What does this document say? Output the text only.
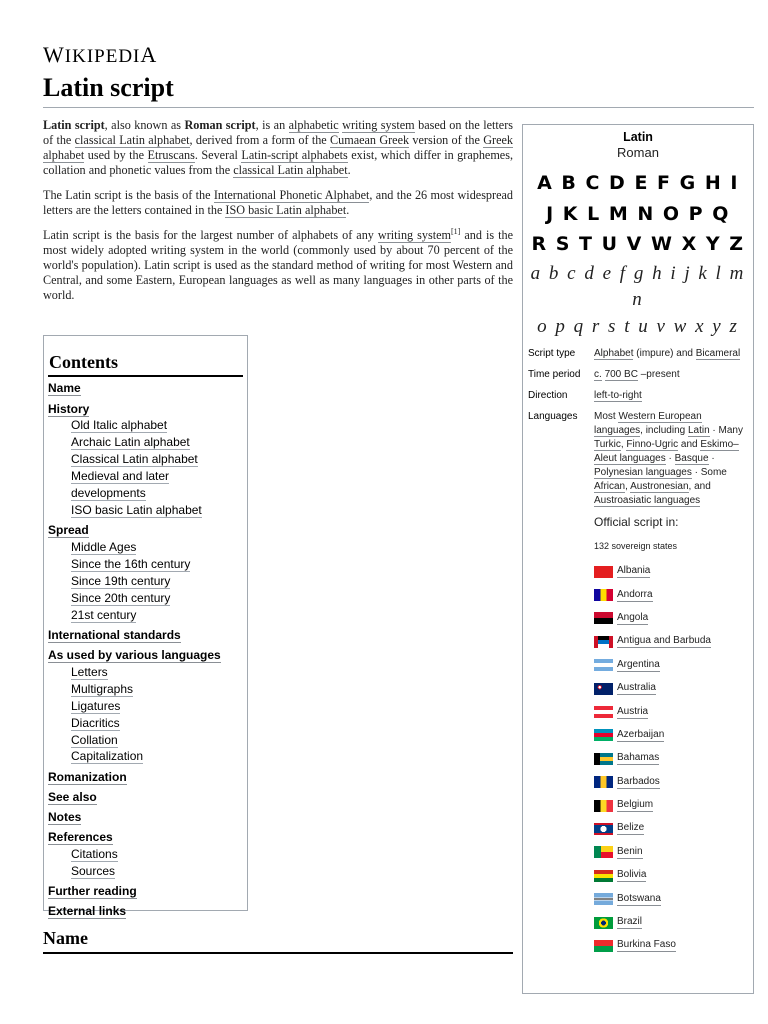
WIKIPEDIA
Latin script

Latin script, also known as Roman script, is an alphabetic writing system based on the letters of the classical Latin alphabet, derived from a form of the Cumaean Greek version of the Greek alphabet used by the Etruscans. Several Latin-script alphabets exist, which differ in graphemes, collation and phonetic values from the classical Latin alphabet.

The Latin script is the basis of the International Phonetic Alphabet, and the 26 most widespread letters are the letters contained in the ISO basic Latin alphabet.

Latin script is the basis for the largest number of alphabets of any writing system[1] and is the most widely adopted writing system in the world (commonly used by about 70 percent of the world's population). Latin script is used as the standard method of writing for most Western and Central, and some Eastern, European languages as well as many languages in other parts of the world.

Contents
Name
History
Old Italic alphabet
Archaic Latin alphabet
Classical Latin alphabet
Medieval and later developments
ISO basic Latin alphabet
Spread
Middle Ages
Since the 16th century
Since 19th century
Since 20th century
21st century
International standards
As used by various languages
Letters
Multigraphs
Ligatures
Diacritics
Collation
Capitalization
Romanization
See also
Notes
References
Citations
Sources
Further reading
External links
Name
Latin
Roman
A B C D E F G H I
J K L M N O P Q
R S T U V W X Y Z
a b c d e f g h i j k l m n
o p q r s t u v w x y z
Script type	Alphabet (impure) and Bicameral
Time period	c. 700 BC –present
Direction	left-to-right
Languages	Most Western European languages, including Latin · Many Turkic, Finno-Ugric and Eskimo–Aleut languages · Basque · Polynesian languages · Some African, Austronesian, and Austroasiatic languages
Official script in:
132 sovereign states
Albania
Andorra
Angola
Antigua and Barbuda
Argentina
Australia
Austria
Azerbaijan
Bahamas
Barbados
Belgium
Belize
Benin
Bolivia
Botswana
Brazil
Burkina Faso
